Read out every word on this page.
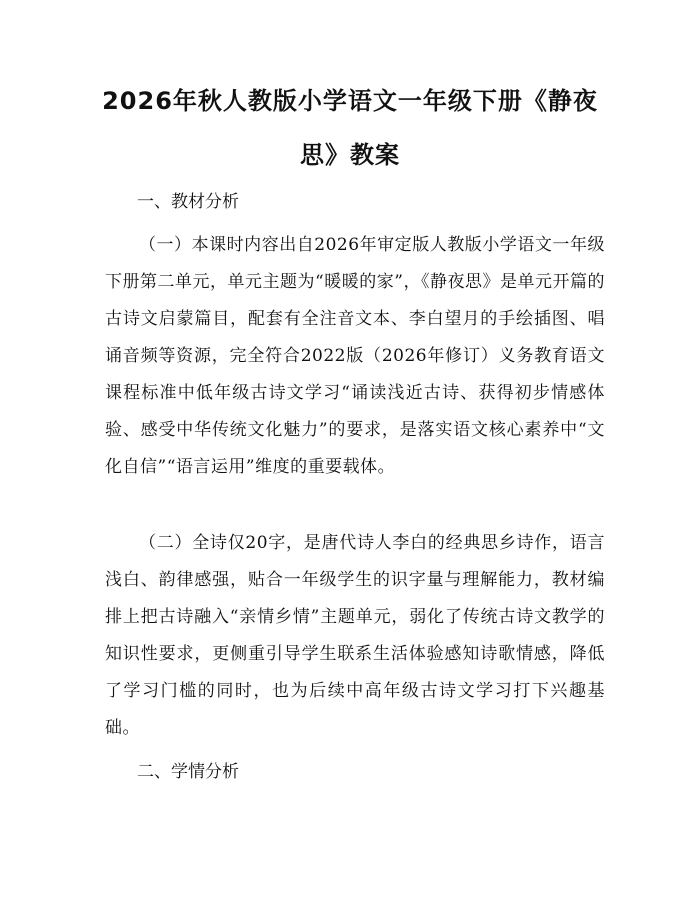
2026年秋人教版小学语文一年级下册《静夜思》教案

一、教材分析

（一）本课时内容出自2026年审定版人教版小学语文一年级下册第二单元，单元主题为“暖暖的家”，《静夜思》是单元开篇的古诗文启蒙篇目，配套有全注音文本、李白望月的手绘插图、唱诵音频等资源，完全符合2022版（2026年修订）义务教育语文课程标准中低年级古诗文学习“诵读浅近古诗、获得初步情感体验、感受中华传统文化魅力”的要求，是落实语文核心素养中“文化自信”“语言运用”维度的重要载体。

（二）全诗仅20字，是唐代诗人李白的经典思乡诗作，语言浅白、韵律感强，贴合一年级学生的识字量与理解能力，教材编排上把古诗融入“亲情乡情”主题单元，弱化了传统古诗文教学的知识性要求，更侧重引导学生联系生活体验感知诗歌情感，降低了学习门槛的同时，也为后续中高年级古诗文学习打下兴趣基础。

二、学情分析
